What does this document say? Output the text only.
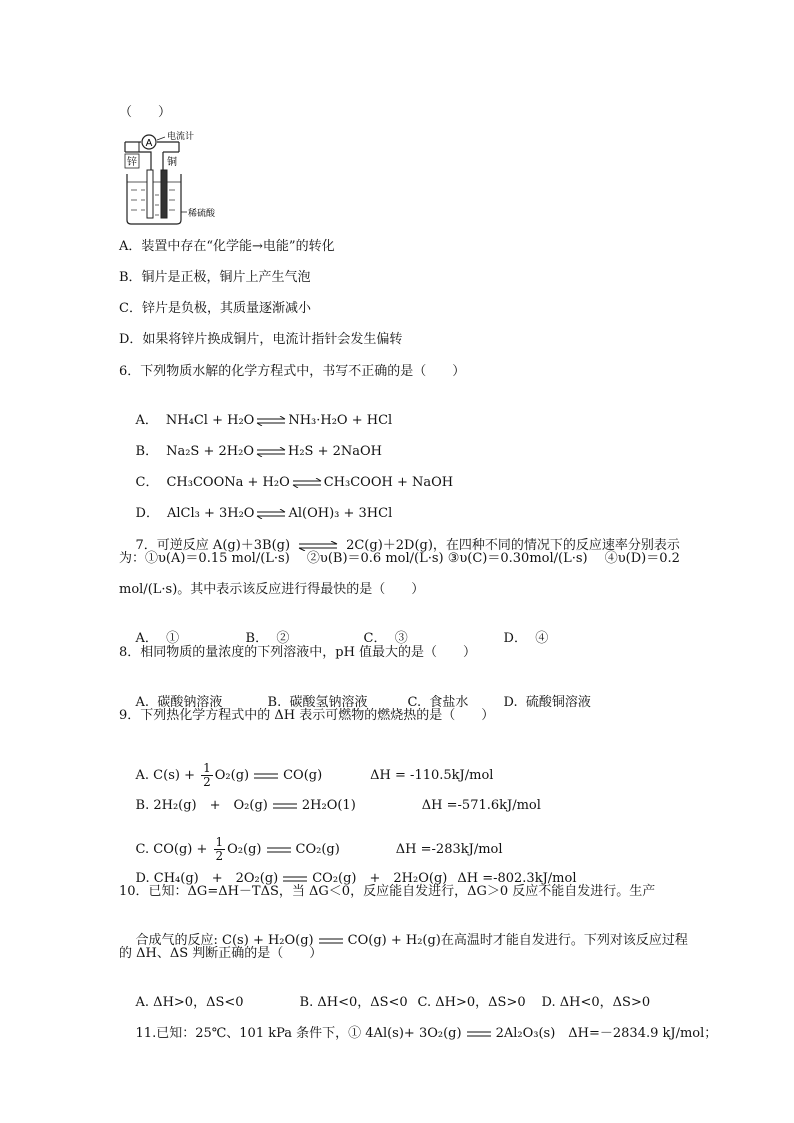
（　　）
A
电流计
锌	铜
稀硫酸
A．装置中存在“化学能→电能”的转化
B．铜片是正极，铜片上产生气泡
C．锌片是负极，其质量逐渐减小
D．如果将锌片换成铜片，电流计指针会发生偏转
6．下列物质水解的化学方程式中，书写不正确的是（　　）

A． NH₄Cl + H₂O ⇌ NH₃·H₂O + HCl

B． Na₂S + 2H₂O ⇌ H₂S + 2NaOH

C． CH₃COONa + H₂O ⇌ CH₃COOH + NaOH

D． AlCl₃ + 3H₂O ⇌ Al(OH)₃ + 3HCl

7．可逆反应 A(g)＋3B(g) ⇌ 2C(g)＋2D(g)，在四种不同的情况下的反应速率分别表示

为：①υ(A)＝0.15 mol/(L·s)　 ②υ(B)＝0.6 mol/(L·s) ③υ(C)＝0.30mol/(L·s)　 ④υ(D)＝0.2
mol/(L·s)。其中表示该反应进行得最快的是（　　）

A．  ①	B．  ②	C．  ③	D．  ④

8．相同物质的量浓度的下列溶液中，pH 值最大的是（　　）

A.  碳酸钠溶液	B.  碳酸氢钠溶液	C.  食盐水	D.  硫酸铜溶液

9．下列热化学方程式中的 ΔH 表示可燃物的燃烧热的是（　　）

A. $C(s) + \frac{1}{2} O_2(g)$	CO(g)	ΔH = -110.5kJ/mol

B. 2H₂(g)　+　O₂(g)	2H₂O(1)	ΔH =-571.6kJ/mol

C. $CO(g) + \frac{1}{2} O_2(g)$	CO₂(g)	ΔH =-283kJ/mol

D. CH₄(g)　+　2O₂(g)	CO₂(g)　+　2H₂O(g) ΔH =-802.3kJ/mol

10．已知：ΔG=ΔH－TΔS，当 ΔG＜0，反应能自发进行，ΔG＞0 反应不能自发进行。生产

合成气的反应: C(s) + H₂O(g)	CO(g) + H₂(g)在高温时才能自发进行。下列对该反应过程

的 ΔH、ΔS 判断正确的是（　　）

A. ΔH>0，ΔS<0	B. ΔH<0，ΔS<0 C. ΔH>0，ΔS>0 D. ΔH<0，ΔS>0

11.已知：25℃、101 kPa 条件下，① 4Al(s)+ 3O₂(g)	2Al₂O₃(s)　ΔH=－2834.9 kJ/mol；
